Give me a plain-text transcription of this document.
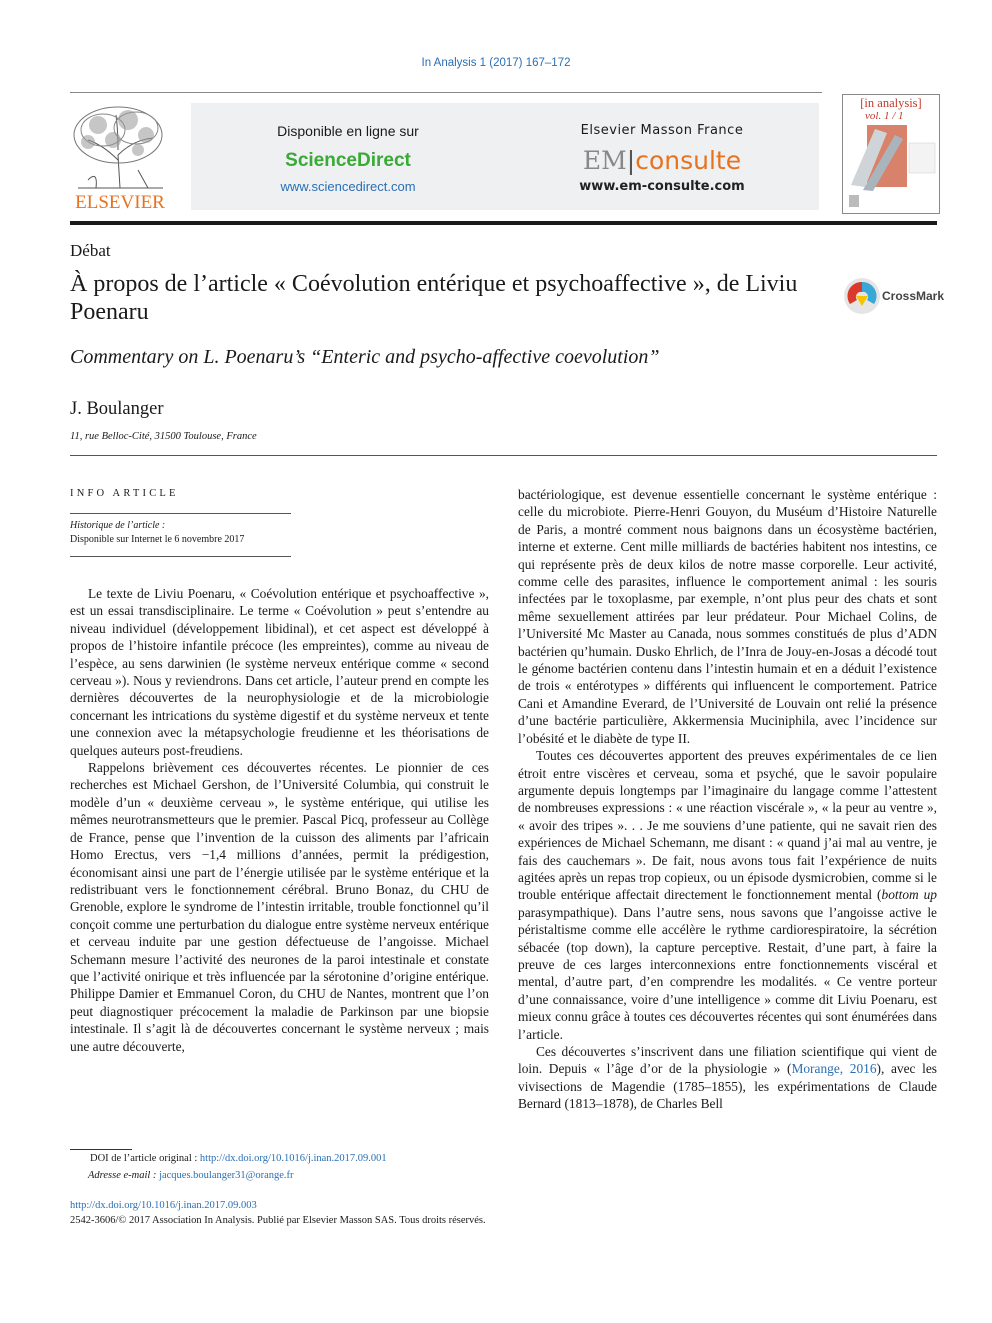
In Analysis 1 (2017) 167–172
ELSEVIER
Disponible en ligne sur
ScienceDirect
www.sciencedirect.com
Elsevier Masson France
EM|consulte
www.em-consulte.com
[in analysis]
vol. 1 / 1
Débat
À propos de l’article « Coévolution entérique et psychoaffective », de Liviu Poenaru
CrossMark
Commentary on L. Poenaru’s “Enteric and psycho-affective coevolution”
J. Boulanger
11, rue Belloc-Cité, 31500 Toulouse, France
INFO ARTICLE
Historique de l’article :
Disponible sur Internet le 6 novembre 2017

Le texte de Liviu Poenaru, « Coévolution entérique et psychoaffective », est un essai transdisciplinaire. Le terme « Coévolution » peut s’entendre au niveau individuel (développement libidinal), et cet aspect est développé à propos de l’histoire infantile précoce (les empreintes), comme au niveau de l’espèce, au sens darwinien (le système nerveux entérique comme « second cerveau »). Nous y reviendrons. Dans cet article, l’auteur prend en compte les dernières découvertes de la neurophysiologie et de la microbiologie concernant les intrications du système digestif et du système nerveux et tente une connexion avec la métapsychologie freudienne et les théorisations de quelques auteurs post-freudiens.

Rappelons brièvement ces découvertes récentes. Le pionnier de ces recherches est Michael Gershon, de l’Université Columbia, qui construit le modèle d’un « deuxième cerveau », le système entérique, qui utilise les mêmes neurotransmetteurs que le premier. Pascal Picq, professeur au Collège de France, pense que l’invention de la cuisson des aliments par l’africain Homo Erectus, vers −1,4 millions d’années, permit la prédigestion, économisant ainsi une part de l’énergie utilisée par le système entérique et la redistribuant vers le fonctionnement cérébral. Bruno Bonaz, du CHU de Grenoble, explore le syndrome de l’intestin irritable, trouble fonctionnel qu’il conçoit comme une perturbation du dialogue entre système nerveux entérique et cerveau induite par une gestion défectueuse de l’angoisse. Michael Schemann mesure l’activité des neurones de la paroi intestinale et constate que l’activité onirique et très influencée par la sérotonine d’origine entérique. Philippe Damier et Emmanuel Coron, du CHU de Nantes, montrent que l’on peut diagnostiquer précocement la maladie de Parkinson par une biopsie intestinale. Il s’agit là de découvertes concernant le système nerveux ; mais une autre découverte,

bactériologique, est devenue essentielle concernant le système entérique : celle du microbiote. Pierre-Henri Gouyon, du Muséum d’Histoire Naturelle de Paris, a montré comment nous baignons dans un écosystème bactérien, interne et externe. Cent mille milliards de bactéries habitent nos intestins, ce qui représente près de deux kilos de notre masse corporelle. Leur activité, comme celle des parasites, influence le comportement animal : les souris infectées par le toxoplasme, par exemple, n’ont plus peur des chats et sont même sexuellement attirées par leur prédateur. Pour Michael Colins, de l’Université Mc Master au Canada, nous sommes constitués de plus d’ADN bactérien qu’humain. Dusko Ehrlich, de l’Inra de Jouy-en-Josas a décodé tout le génome bactérien contenu dans l’intestin humain et en a déduit l’existence de trois « entérotypes » différents qui influencent le comportement. Patrice Cani et Amandine Everard, de l’Université de Louvain ont relié la présence d’une bactérie particulière, Akkermensia Muciniphila, avec l’incidence sur l’obésité et le diabète de type II.

Toutes ces découvertes apportent des preuves expérimentales de ce lien étroit entre viscères et cerveau, soma et psyché, que le savoir populaire argumente depuis longtemps par l’imaginaire du langage comme l’attestent de nombreuses expressions : « une réaction viscérale », « la peur au ventre », « avoir des tripes ». . . Je me souviens d’une patiente, qui ne savait rien des expériences de Michael Schemann, me disant : « quand j’ai mal au ventre, je fais des cauchemars ». De fait, nous avons tous fait l’expérience de nuits agitées après un repas trop copieux, ou un épisode dysmicrobien, comme si le trouble entérique affectait directement le fonctionnement mental (bottom up parasympathique). Dans l’autre sens, nous savons que l’angoisse active le péristaltisme comme elle accélère le rythme cardiorespiratoire, la sécrétion sébacée (top down), la capture perceptive. Restait, d’une part, à faire la preuve de ces larges interconnexions entre fonctionnements viscéral et mental, d’autre part, d’en comprendre les modalités. « Ce ventre porteur d’une connaissance, voire d’une intelligence » comme dit Liviu Poenaru, est mieux connu grâce à toutes ces découvertes récentes qui sont énumérées dans l’article.

Ces découvertes s’inscrivent dans une filiation scientifique qui vient de loin. Depuis « l’âge d’or de la physiologie » (Morange, 2016), avec les vivisections de Magendie (1785–1855), les expérimentations de Claude Bernard (1813–1878), de Charles Bell

DOI de l’article original : http://dx.doi.org/10.1016/j.inan.2017.09.001
Adresse e-mail : jacques.boulanger31@orange.fr
http://dx.doi.org/10.1016/j.inan.2017.09.003
2542-3606/© 2017 Association In Analysis. Publié par Elsevier Masson SAS. Tous droits réservés.
